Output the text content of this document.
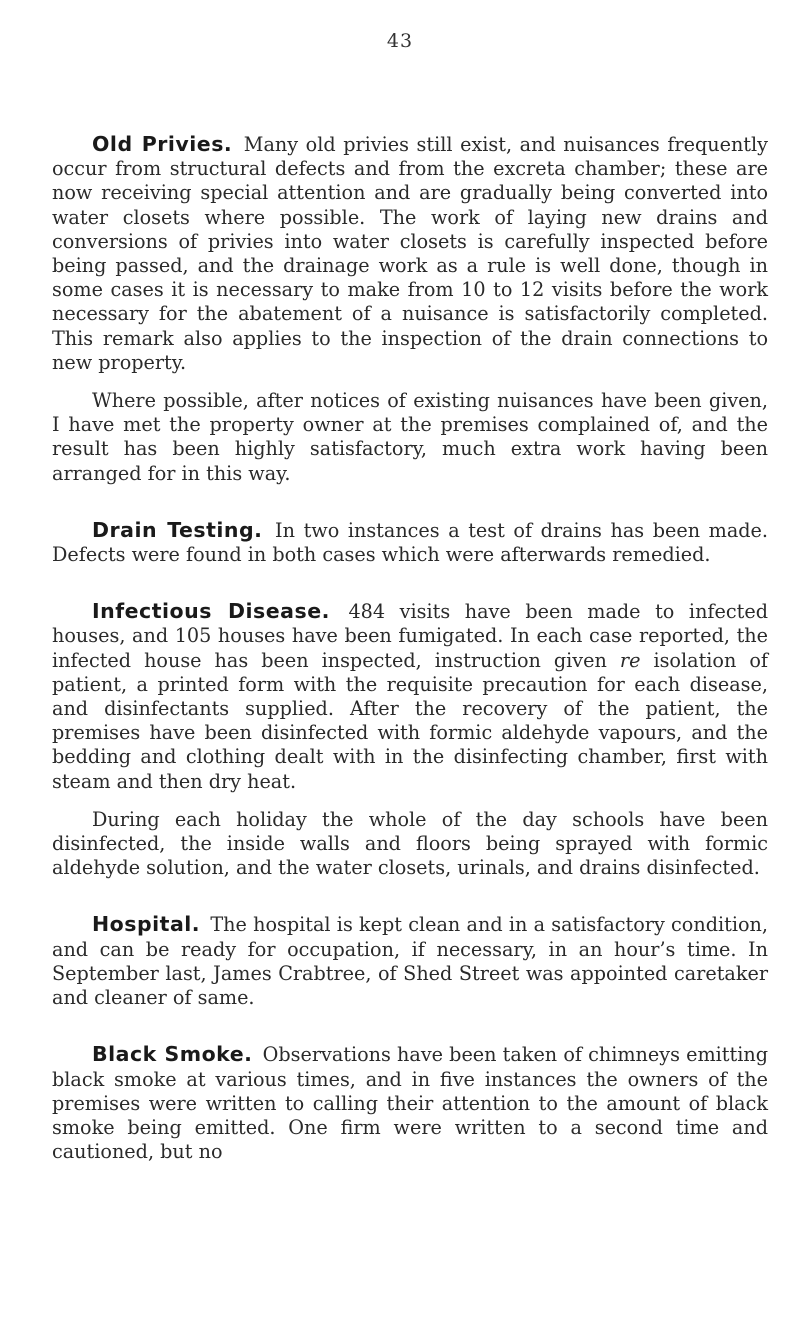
43

Old Privies. Many old privies still exist, and nuisances frequently occur from structural defects and from the excreta chamber; these are now receiving special attention and are gradually being converted into water closets where possible. The work of laying new drains and conversions of privies into water closets is carefully inspected before being passed, and the drainage work as a rule is well done, though in some cases it is necessary to make from 10 to 12 visits before the work necessary for the abatement of a nuisance is satisfactorily completed. This remark also applies to the inspection of the drain connections to new property.

Where possible, after notices of existing nuisances have been given, I have met the property owner at the premises complained of, and the result has been highly satisfactory, much extra work having been arranged for in this way.

Drain Testing. In two instances a test of drains has been made. Defects were found in both cases which were afterwards remedied.

Infectious Disease. 484 visits have been made to infected houses, and 105 houses have been fumigated. In each case reported, the infected house has been inspected, instruction given re isolation of patient, a printed form with the requisite precaution for each disease, and disinfectants supplied. After the recovery of the patient, the premises have been disinfected with formic aldehyde vapours, and the bedding and clothing dealt with in the disinfecting chamber, first with steam and then dry heat.

During each holiday the whole of the day schools have been disinfected, the inside walls and floors being sprayed with formic aldehyde solution, and the water closets, urinals, and drains disinfected.

Hospital. The hospital is kept clean and in a satisfactory condition, and can be ready for occupation, if necessary, in an hour’s time. In September last, James Crabtree, of Shed Street was appointed caretaker and cleaner of same.

Black Smoke. Observations have been taken of chimneys emitting black smoke at various times, and in five instances the owners of the premises were written to calling their attention to the amount of black smoke being emitted. One firm were written to a second time and cautioned, but no
